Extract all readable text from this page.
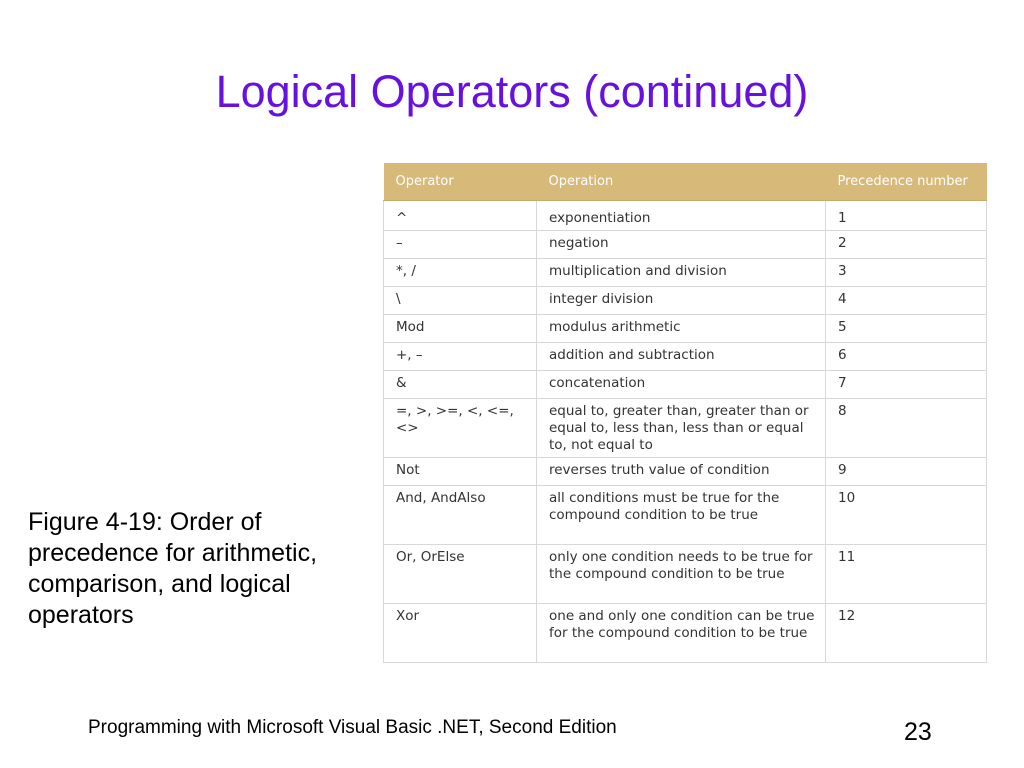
Logical Operators (continued)
Operator	Operation	Precedence number
^	exponentiation	1
–	negation	2
*, /	multiplication and division	3
\	integer division	4
Mod	modulus arithmetic	5
+, –	addition and subtraction	6
&	concatenation	7
=, >, >=, <, <=, <>	equal to, greater than, greater than or equal to, less than, less than or equal to, not equal to	8
Not	reverses truth value of condition	9
And, AndAlso	all conditions must be true for the compound condition to be true	10
Or, OrElse	only one condition needs to be true for the compound condition to be true	11
Xor	one and only one condition can be true for the compound condition to be true	12
Figure 4-19: Order of precedence for arithmetic, comparison, and logical operators
Programming with Microsoft Visual Basic .NET, Second Edition	23
